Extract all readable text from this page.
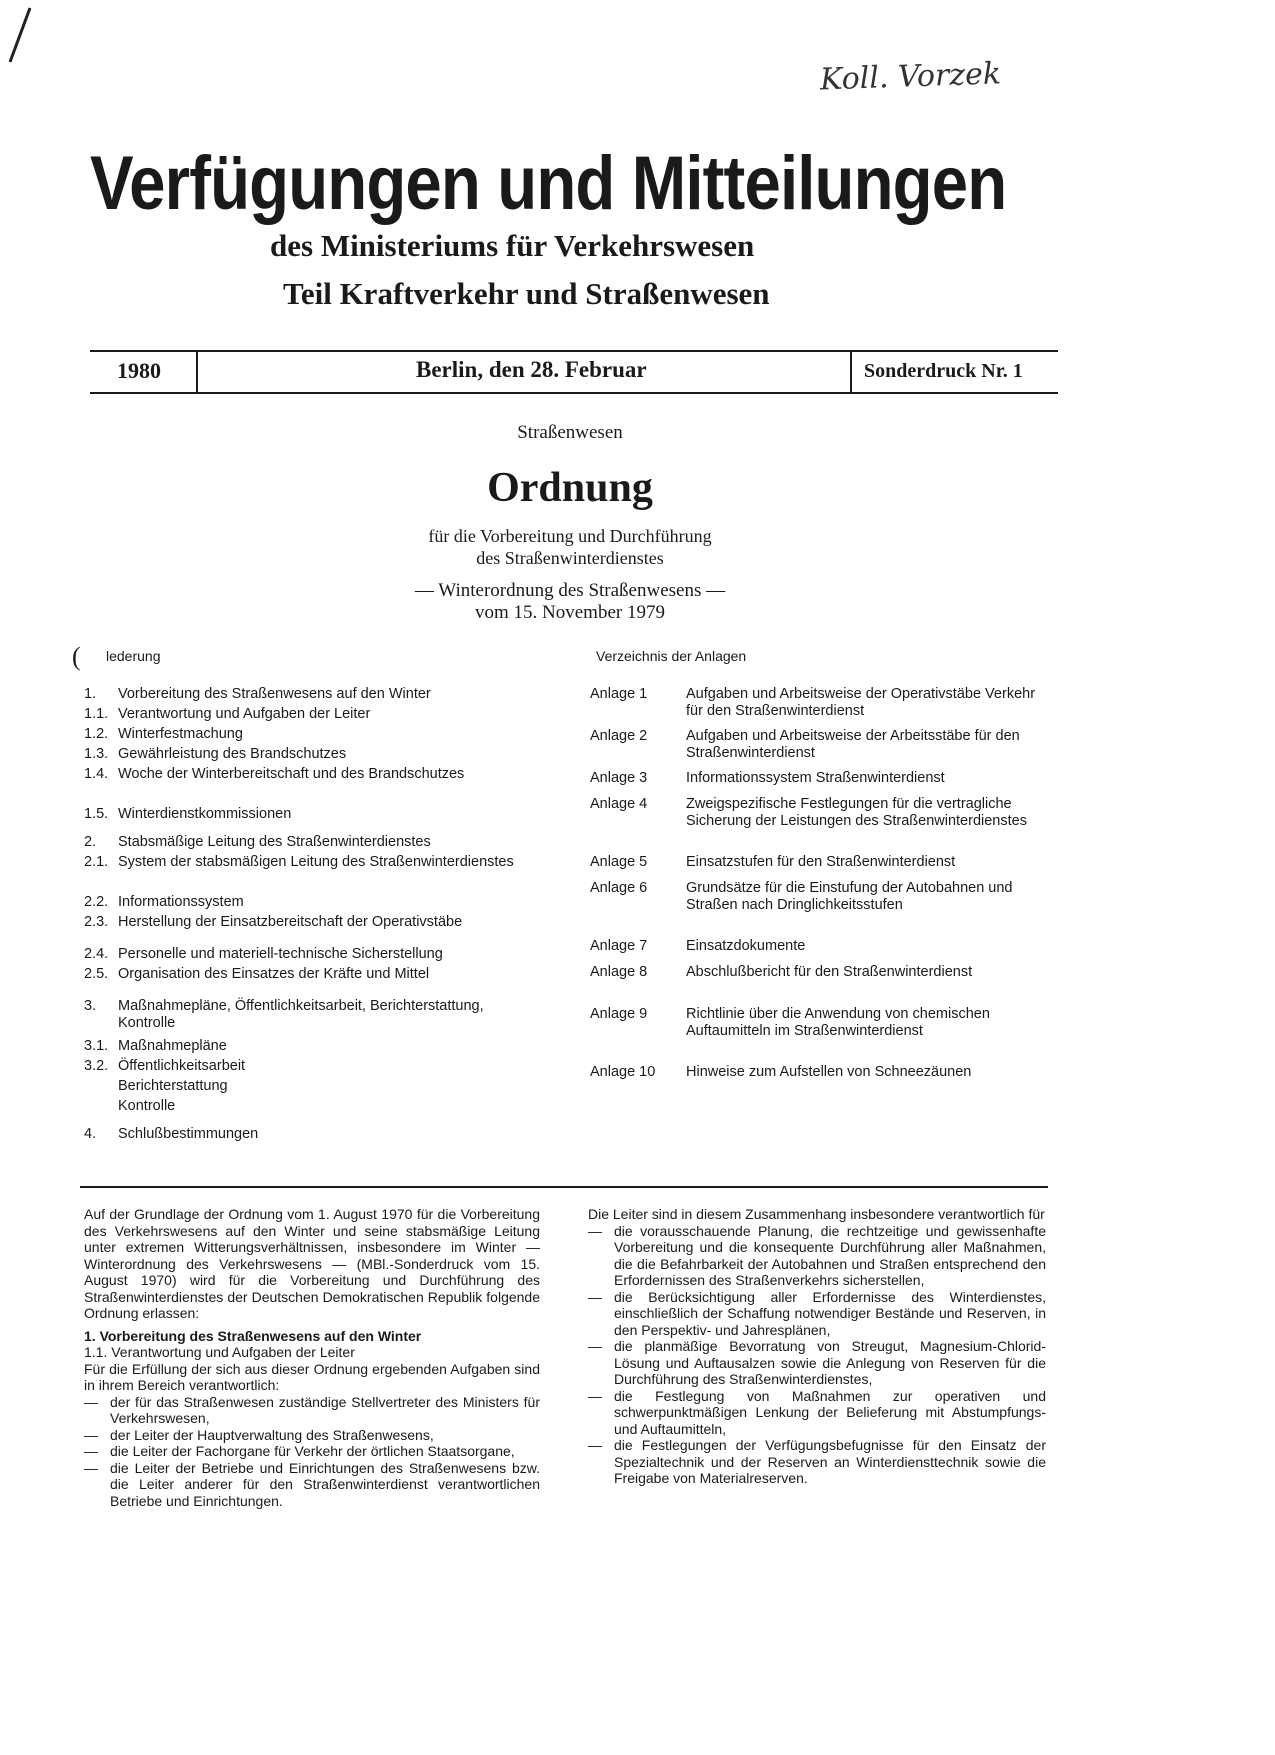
Koll. Vorzek
Verfügungen und Mitteilungen
des Ministeriums für Verkehrswesen
Teil Kraftverkehr und Straßenwesen
1980	Berlin, den 28. Februar	Sonderdruck Nr. 1
Straßenwesen
Ordnung
für die Vorbereitung und Durchführung
des Straßenwinterdienstes
— Winterordnung des Straßenwesens —
vom 15. November 1979
( lederung
1.	Vorbereitung des Straßenwesens auf den Winter
1.1. Verantwortung und Aufgaben der Leiter
1.2. Winterfestmachung
1.3. Gewährleistung des Brandschutzes
1.4. Woche der Winterbereitschaft und des Brandschutzes
1.5. Winterdienstkommissionen
2.	Stabsmäßige Leitung des Straßenwinterdienstes
2.1. System der stabsmäßigen Leitung des Straßenwinterdienstes
2.2. Informationssystem
2.3. Herstellung der Einsatzbereitschaft der Operativstäbe
2.4. Personelle und materiell-technische Sicherstellung
2.5. Organisation des Einsatzes der Kräfte und Mittel
3.	Maßnahmepläne, Öffentlichkeitsarbeit, Berichterstattung, Kontrolle
3.1. Maßnahmepläne
3.2. Öffentlichkeitsarbeit
Berichterstattung
Kontrolle
4.	Schlußbestimmungen
Verzeichnis der Anlagen
Anlage 1	Aufgaben und Arbeitsweise der Operativstäbe Verkehr für den Straßenwinterdienst
Anlage 2	Aufgaben und Arbeitsweise der Arbeitsstäbe für den Straßenwinterdienst
Anlage 3	Informationssystem Straßenwinterdienst
Anlage 4	Zweigspezifische Festlegungen für die vertragliche Sicherung der Leistungen des Straßenwinterdienstes
Anlage 5	Einsatzstufen für den Straßenwinterdienst
Anlage 6	Grundsätze für die Einstufung der Autobahnen und Straßen nach Dringlichkeitsstufen
Anlage 7	Einsatzdokumente
Anlage 8	Abschlußbericht für den Straßenwinterdienst
Anlage 9	Richtlinie über die Anwendung von chemischen Auftaumitteln im Straßenwinterdienst
Anlage 10	Hinweise zum Aufstellen von Schneezäunen

Auf der Grundlage der Ordnung vom 1. August 1970 für die Vorbereitung des Verkehrswesens auf den Winter und seine stabsmäßige Leitung unter extremen Witterungsverhältnissen, insbesondere im Winter — Winterordnung des Verkehrswesens — (MBl.-Sonderdruck vom 15. August 1970) wird für die Vorbereitung und Durchführung des Straßenwinterdienstes der Deutschen Demokratischen Republik folgende Ordnung erlassen:

1. Vorbereitung des Straßenwesens auf den Winter

1.1. Verantwortung und Aufgaben der Leiter

Für die Erfüllung der sich aus dieser Ordnung ergebenden Aufgaben sind in ihrem Bereich verantwortlich:

— der für das Straßenwesen zuständige Stellvertreter des Ministers für Verkehrswesen,

— der Leiter der Hauptverwaltung des Straßenwesens,

— die Leiter der Fachorgane für Verkehr der örtlichen Staatsorgane,

— die Leiter der Betriebe und Einrichtungen des Straßenwesens bzw. die Leiter anderer für den Straßenwinterdienst verantwortlichen Betriebe und Einrichtungen.

Die Leiter sind in diesem Zusammenhang insbesondere verantwortlich für

— die vorausschauende Planung, die rechtzeitige und gewissenhafte Vorbereitung und die konsequente Durchführung aller Maßnahmen, die die Befahrbarkeit der Autobahnen und Straßen entsprechend den Erfordernissen des Straßenverkehrs sicherstellen,

— die Berücksichtigung aller Erfordernisse des Winterdienstes, einschließlich der Schaffung notwendiger Bestände und Reserven, in den Perspektiv- und Jahresplänen,

— die planmäßige Bevorratung von Streugut, Magnesium-Chlorid-Lösung und Auftausalzen sowie die Anlegung von Reserven für die Durchführung des Straßenwinterdienstes,

— die Festlegung von Maßnahmen zur operativen und schwerpunktmäßigen Lenkung der Belieferung mit Abstumpfungs- und Auftaumitteln,

— die Festlegungen der Verfügungsbefugnisse für den Einsatz der Spezialtechnik und der Reserven an Winterdiensttechnik sowie die Freigabe von Materialreserven.
